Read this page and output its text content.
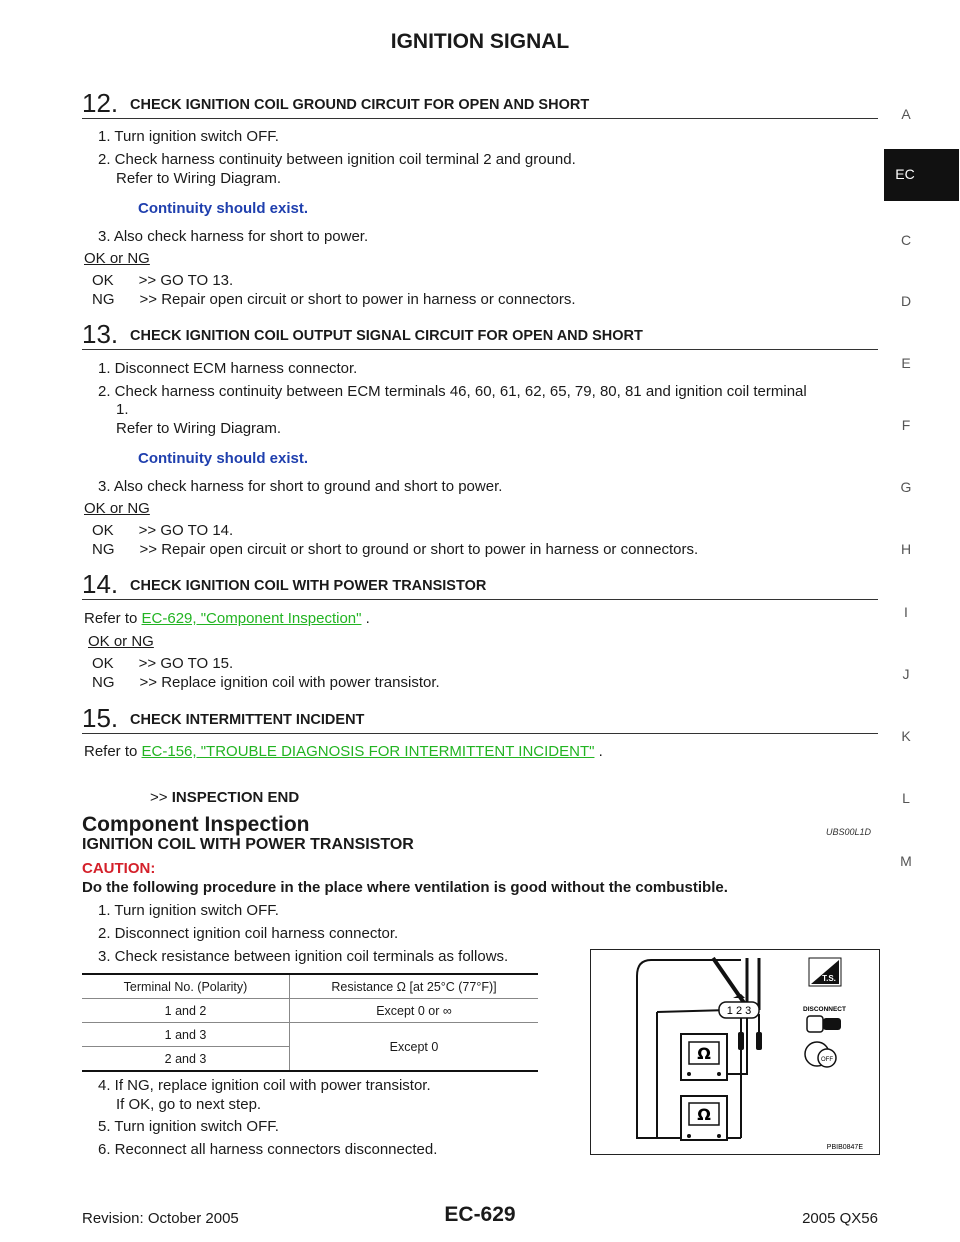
IGNITION SIGNAL
12. CHECK IGNITION COIL GROUND CIRCUIT FOR OPEN AND SHORT
1. Turn ignition switch OFF.
2. Check harness continuity between ignition coil terminal 2 and ground.
Refer to Wiring Diagram.
Continuity should exist.
3. Also check harness for short to power.
OK or NG
OK      >> GO TO 13.
NG      >> Repair open circuit or short to power in harness or connectors.
13. CHECK IGNITION COIL OUTPUT SIGNAL CIRCUIT FOR OPEN AND SHORT
1. Disconnect ECM harness connector.
2. Check harness continuity between ECM terminals 46, 60, 61, 62, 65, 79, 80, 81 and ignition coil terminal
1.
Refer to Wiring Diagram.
Continuity should exist.
3. Also check harness for short to ground and short to power.
OK or NG
OK      >> GO TO 14.
NG      >> Repair open circuit or short to ground or short to power in harness or connectors.
14. CHECK IGNITION COIL WITH POWER TRANSISTOR
Refer to EC-629, "Component Inspection" .
OK or NG
OK      >> GO TO 15.
NG      >> Replace ignition coil with power transistor.
15. CHECK INTERMITTENT INCIDENT
Refer to EC-156, "TROUBLE DIAGNOSIS FOR INTERMITTENT INCIDENT" .
>> INSPECTION END
Component Inspection	UBS00L1D
IGNITION COIL WITH POWER TRANSISTOR
CAUTION:
Do the following procedure in the place where ventilation is good without the combustible.
1. Turn ignition switch OFF.
2. Disconnect ignition coil harness connector.
3. Check resistance between ignition coil terminals as follows.
Terminal No. (Polarity)	Resistance Ω [at 25°C (77°F)]
1 and 2	Except 0 or ∞
1 and 3	Except 0
2 and 3	
4. If NG, replace ignition coil with power transistor.
If OK, go to next step.
5. Turn ignition switch OFF.
6. Reconnect all harness connectors disconnected.
1 2 3
Ω
Ω
T.S.
DISCONNECT
OFF
PBIB0847E
A
EC
C
D
E
F
G
H
I
J
K
L
M
Revision: October 2005	EC-629	2005 QX56
